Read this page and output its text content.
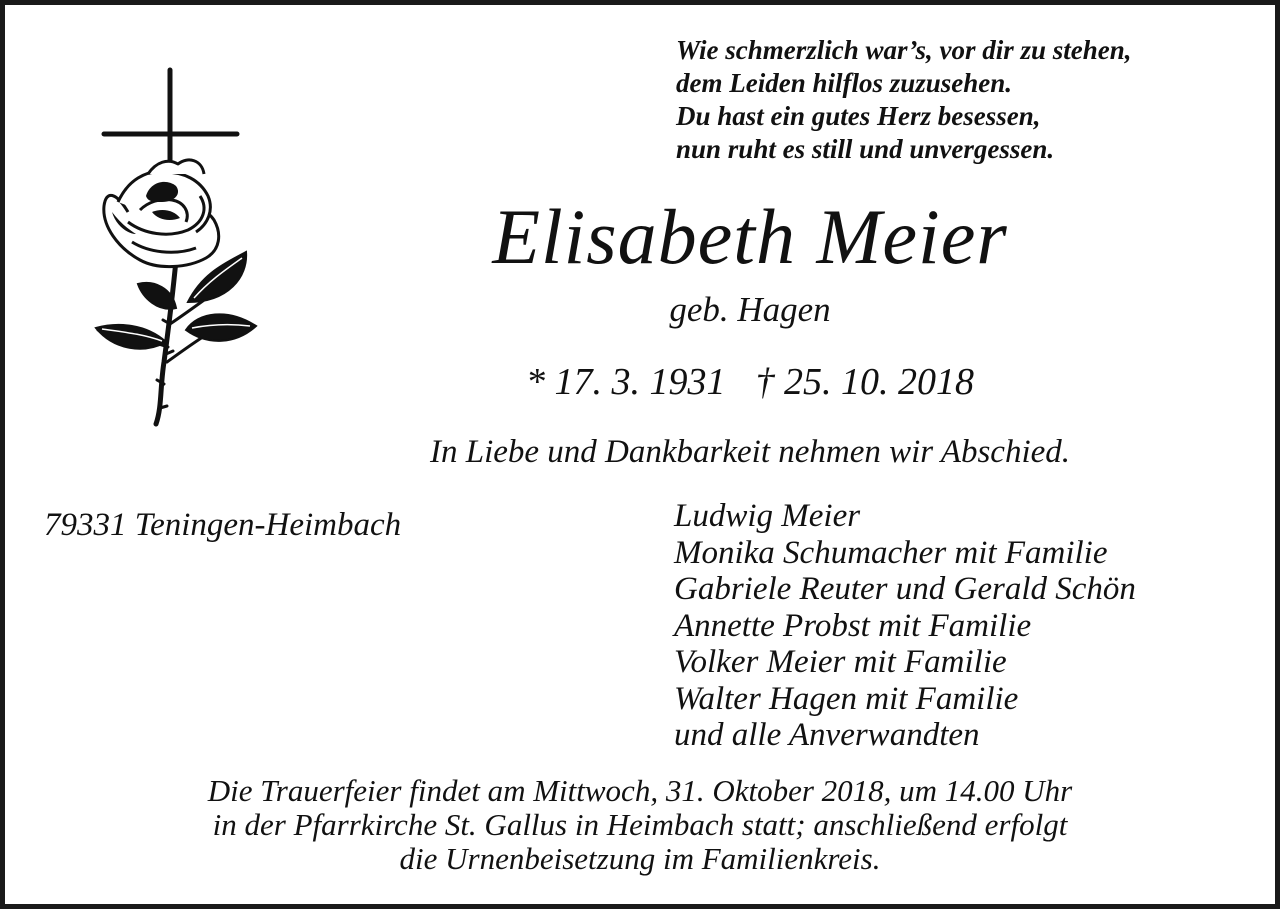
Wie schmerzlich war’s, vor dir zu stehen,
dem Leiden hilflos zuzusehen.
Du hast ein gutes Herz besessen,
nun ruht es still und unvergessen.
Elisabeth Meier
geb. Hagen
* 17. 3. 1931 † 25. 10. 2018
In Liebe und Dankbarkeit nehmen wir Abschied.
79331 Teningen-Heimbach	Ludwig Meier
Monika Schumacher mit Familie
Gabriele Reuter und Gerald Schön
Annette Probst mit Familie
Volker Meier mit Familie
Walter Hagen mit Familie
und alle Anverwandten
Die Trauerfeier findet am Mittwoch, 31. Oktober 2018, um 14.00 Uhr
in der Pfarrkirche St. Gallus in Heimbach statt; anschließend erfolgt
die Urnenbeisetzung im Familienkreis.
